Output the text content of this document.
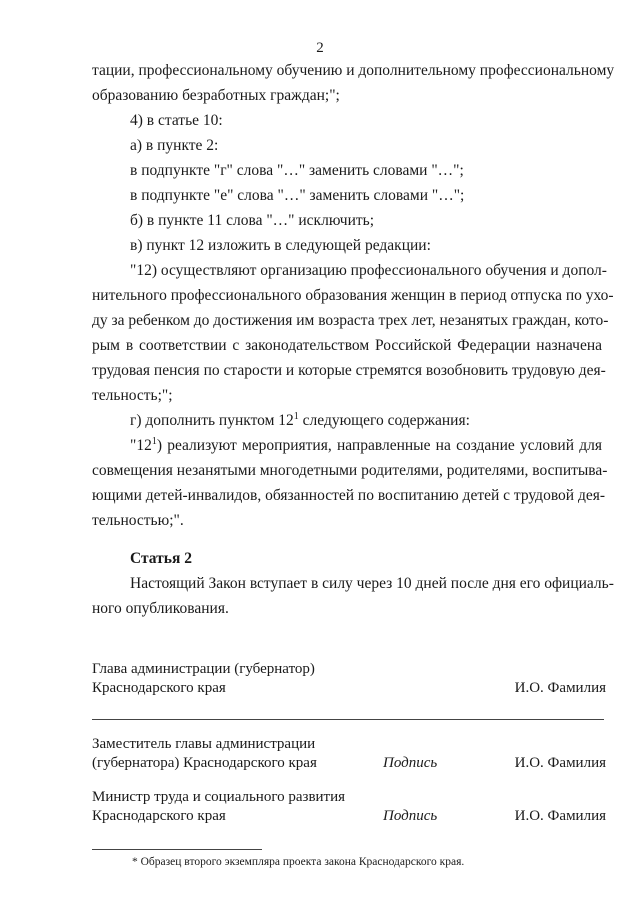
2
тации, профессиональному обучению и дополнительному профессиональному
образованию безработных граждан;";
4) в статье 10:
а) в пункте 2:
в подпункте "г" слова "…" заменить словами "…";
в подпункте "е" слова "…" заменить словами "…";
б) в пункте 11 слова "…" исключить;
в) пункт 12 изложить в следующей редакции:
"12) осуществляют организацию профессионального обучения и допол-
нительного профессионального образования женщин в период отпуска по ухо-
ду за ребенком до достижения им возраста трех лет, незанятых граждан, кото-
рым в соответствии с законодательством Российской Федерации назначена
трудовая пенсия по старости и которые стремятся возобновить трудовую дея-
тельность;";
г) дополнить пунктом $12^1$ следующего содержания:
"$12^1$) реализуют мероприятия, направленные на создание условий для
совмещения незанятыми многодетными родителями, родителями, воспитыва-
ющими детей-инвалидов, обязанностей по воспитанию детей с трудовой дея-
тельностью;".
Статья 2
Настоящий Закон вступает в силу через 10 дней после дня его официаль-
ного опубликования.
Глава администрации (губернатор)
Краснодарского края	И.О. Фамилия
Заместитель главы администрации
(губернатора) Краснодарского края	Подпись	И.О. Фамилия
Министр труда и социального развития
Краснодарского края	Подпись	И.О. Фамилия
* Образец второго экземпляра проекта закона Краснодарского края.
